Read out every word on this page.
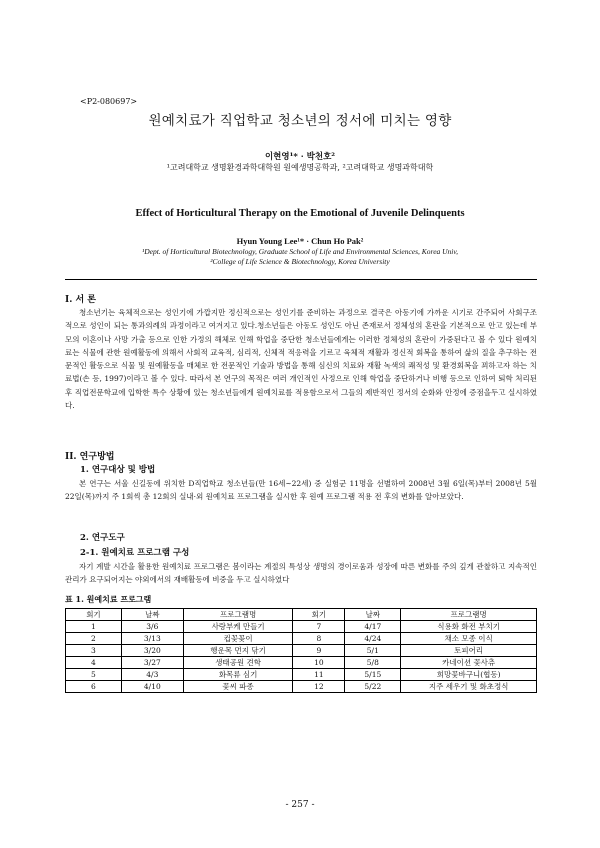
<P2-080697>
원예치료가 직업학교 청소년의 정서에 미치는 영향
이현영¹* · 박천호²
¹고려대학교 생명환경과학대학원 원예생명공학과, ²고려대학교 생명과학대학
Effect of Horticultural Therapy on the Emotional of Juvenile Delinquents
Hyun Young Lee¹* · Chun Ho Pak²
¹Dept. of Horticultural Biotechnology, Graduate School of Life and Environmental Sciences, Korea Univ,
²College of Life Science & Biotechnology, Korea University
I. 서 론

청소년기는 육체적으로는 성인기에 가깝지만 정신적으로는 성인기를 준비하는 과정으로 결국은 아동기에 가까운 시기로 간주되어 사회구조적으로 성인이 되는 통과의례의 과정이라고 여겨지고 있다.청소년들은 아동도 성인도 아닌 존재로서 정체성의 혼란을 기본적으로 안고 있는데 부모의 이혼이나 사망 가출 등으로 인한 가정의 해체로 인해 학업을 중단한 청소년들에게는 이러한 정체성의 혼란이 가중된다고 볼 수 있다 원예치료는 식물에 관한 원예활동에 의해서 사회적 교육적, 심리적, 신체적 적응력을 기르고 육체적 재활과 정신적 회복을 통하여 삶의 질을 추구하는 전문적인 활동으로 식물 및 원예활동을 매체로 한 전문적인 기술과 방법을 통해 심신의 치료와 재활 녹색의 쾌적성 및 환경회복을 꾀하고자 하는 치료법(손 등, 1997)이라고 볼 수 있다. 따라서 본 연구의 목적은 여러 개인적인 사정으로 인해 학업을 중단하거나 비행 등으로 인하여 퇴학 처리된 후 직업전문학교에 입학한 특수 상황에 있는 청소년들에게 원예치료를 적용함으로서 그들의 제반적인 정서의 순화와 안정에 증점을두고 실시하였다.

II. 연구방법
1. 연구대상 및 방법

본 연구는 서울 신길동에 위치한 D직업학교 청소년들(만 16세~22세) 중 실험군 11명을 선별하여 2008년 3월 6일(목)부터 2008년 5월 22일(목)까지 주 1회씩 총 12회의 실내·외 원예치료 프로그램을 실시한 후 원예 프로그램 적용 전 후의 변화를 알아보았다.

2. 연구도구
2-1. 원예치료 프로그램 구성

자기 계발 시간을 활용한 원예치료 프로그램은 봄이라는 계절의 특성상 생명의 경이로움과 성장에 따른 변화를 주의 깊게 관찰하고 지속적인 관리가 요구되어지는 야외에서의 재배활동에 비중을 두고 실시하였다

표 1. 원예치료 프로그램
회기	날짜	프로그램명	회기	날짜	프로그램명
1	3/6	사랑부케 만들기	7	4/17	식용화 화전 부치기
2	3/13	컵꽃꽂이	8	4/24	채소 모종 이식
3	3/20	행운목 먼지 닦기	9	5/1	토피어리
4	3/27	생태공원 견학	10	5/8	카네이션 꽃사츄
5	4/3	화목류 심기	11	5/15	희망꽃바구니(협동)
6	4/10	꽃씨 파종	12	5/22	지주 세우기 및 화초정식
- 257 -
